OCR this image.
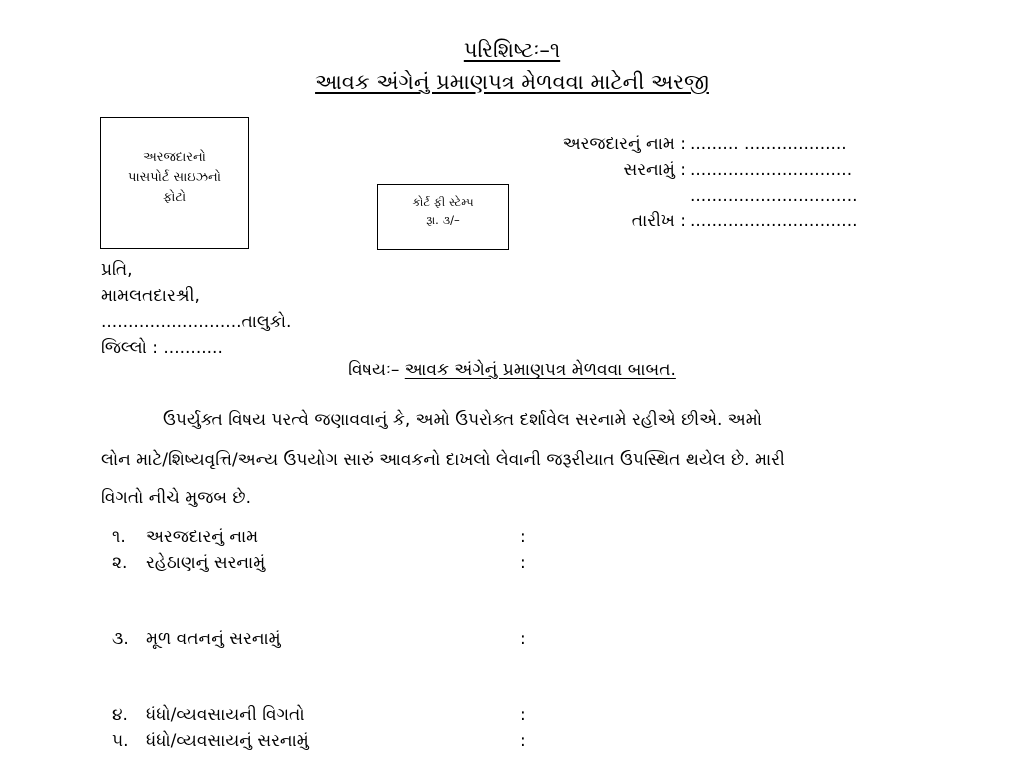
પરિશિષ્ટઃ–૧
આવક અંગેનું પ્રમાણપત્ર મેળવવા માટેની અરજી
અરજદારનો
પાસપોર્ટ સાઇઝનો
ફોટો	કોર્ટ ફી સ્ટેમ્પ
રૂા. ૩/–
અરજદારનું નામ : ......... ...................
સરનામું : ..............................
...............................
તારીખ : ...............................
પ્રતિ,
મામલતદારશ્રી,
..........................તાલુકો.
જિલ્લો : ...........
વિષયઃ– આવક અંગેનું પ્રમાણપત્ર મેળવવા બાબત.
ઉપર્યુક્ત વિષય પરત્વે જણાવવાનું કે, અમો ઉપરોક્ત દર્શાવેલ સરનામે રહીએ છીએ. અમો
લોન માટે/શિષ્યવૃત્તિ/અન્ય ઉપયોગ સારું આવકનો દાખલો લેવાની જરૂરીયાત ઉપસ્થિત થયેલ છે. મારી
વિગતો નીચે મુજબ છે.
૧. અરજદારનું નામ	:
૨. રહેઠાણનું સરનામું	:
૩. મૂળ વતનનું સરનામું	:
૪. ધંધો/વ્યવસાયની વિગતો	:
૫. ધંધો/વ્યવસાયનું સરનામું	:
